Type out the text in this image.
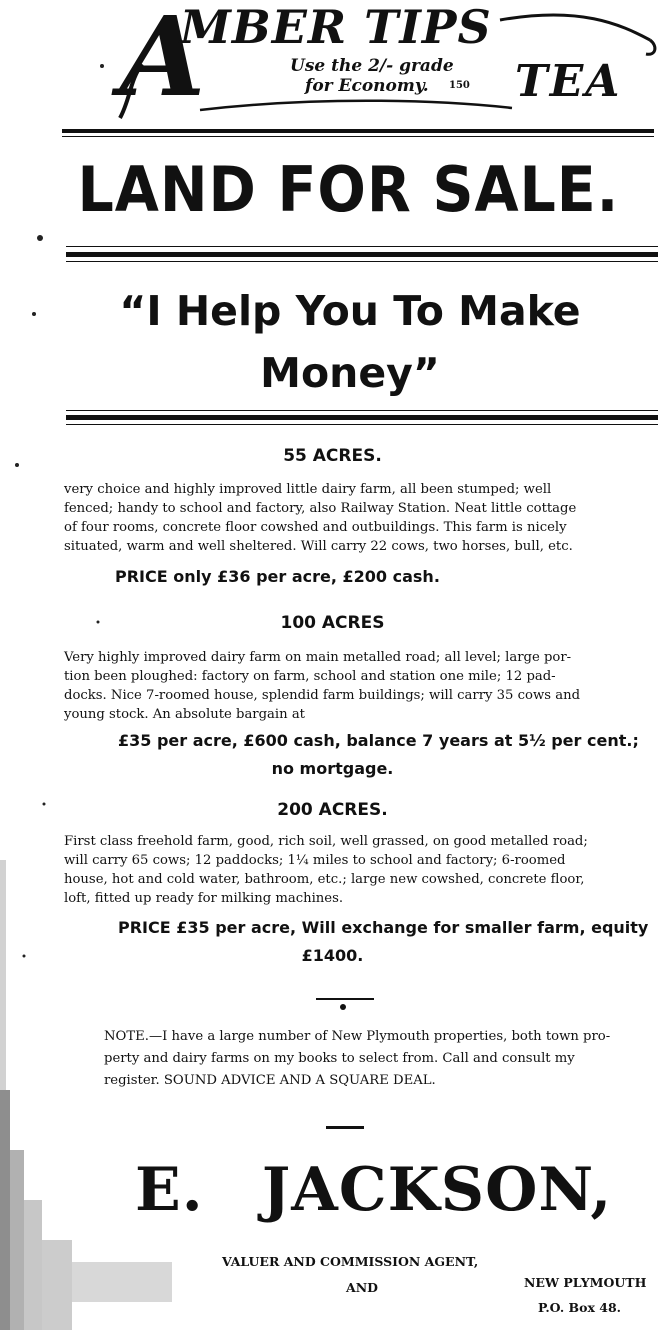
A
MBER TIPS
Use the 2/- grade
for Economy. 150 TEA
LAND FOR SALE.
“I Help You To Make
Money”
55 ACRES.
very choice and highly improved little dairy farm, all been stumped; well
fenced; handy to school and factory, also Railway Station. Neat little cottage
of four rooms, concrete floor cowshed and outbuildings. This farm is nicely
situated, warm and well sheltered. Will carry 22 cows, two horses, bull, etc.
PRICE only £36 per acre, £200 cash.
100 ACRES
Very highly improved dairy farm on main metalled road; all level; large por-
tion been ploughed: factory on farm, school and station one mile; 12 pad-
docks. Nice 7-roomed house, splendid farm buildings; will carry 35 cows and
young stock. An absolute bargain at
£35 per acre, £600 cash, balance 7 years at 5½ per cent.;
no mortgage.
200 ACRES.
First class freehold farm, good, rich soil, well grassed, on good metalled road;
will carry 65 cows; 12 paddocks; 1¼ miles to school and factory; 6-roomed
house, hot and cold water, bathroom, etc.; large new cowshed, concrete floor,
loft, fitted up ready for milking machines.
PRICE £35 per acre, Will exchange for smaller farm, equity
£1400.
NOTE.—I have a large number of New Plymouth properties, both town pro-
perty and dairy farms on my books to select from. Call and consult my
register. SOUND ADVICE AND A SQUARE DEAL.
E. JACKSON,
VALUER AND COMMISSION AGENT,
AND	NEW PLYMOUTH
P.O. Box 48.
